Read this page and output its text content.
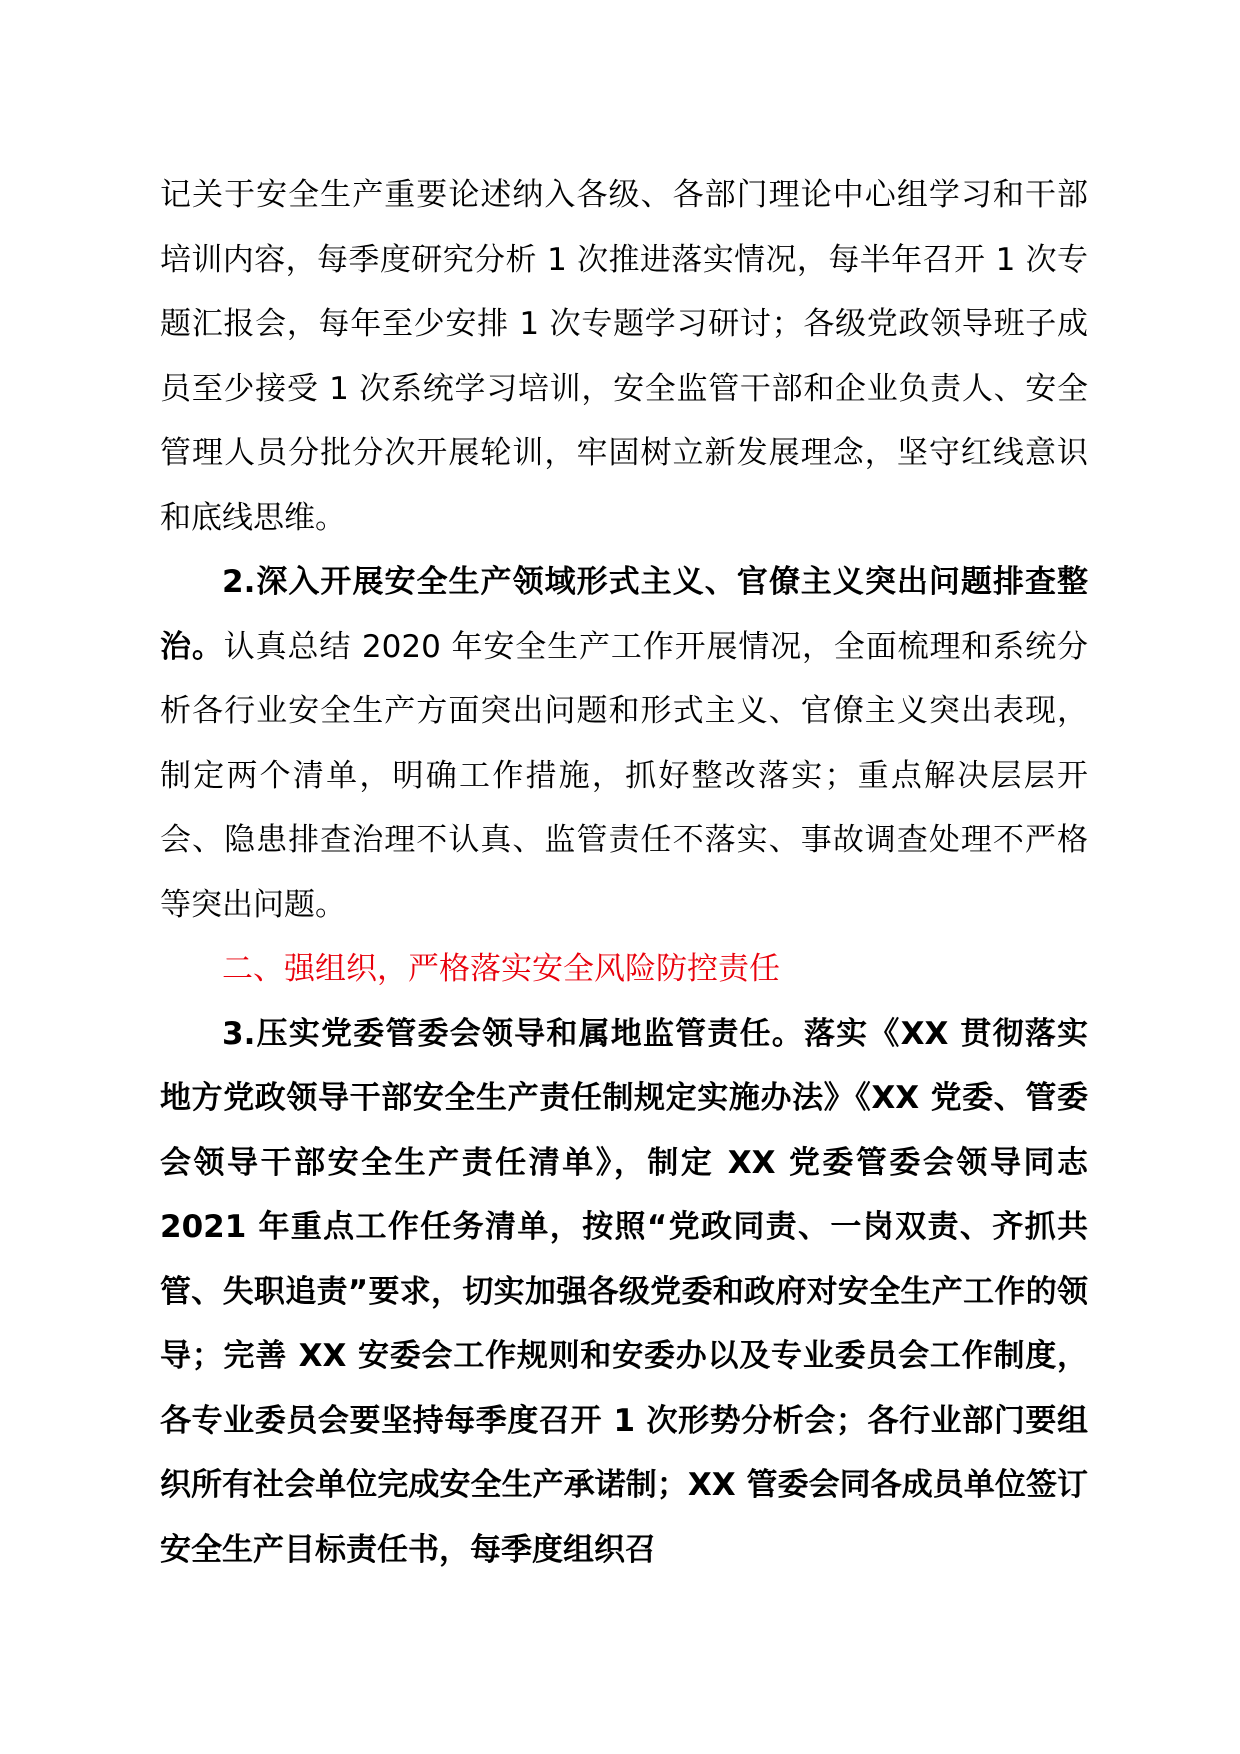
记关于安全生产重要论述纳入各级、各部门理论中心组学习和干部培训内容，每季度研究分析 1 次推进落实情况，每半年召开 1 次专题汇报会，每年至少安排 1 次专题学习研讨；各级党政领导班子成员至少接受 1 次系统学习培训，安全监管干部和企业负责人、安全管理人员分批分次开展轮训，牢固树立新发展理念，坚守红线意识和底线思维。

2.深入开展安全生产领域形式主义、官僚主义突出问题排查整治。认真总结 2020 年安全生产工作开展情况，全面梳理和系统分析各行业安全生产方面突出问题和形式主义、官僚主义突出表现，制定两个清单，明确工作措施，抓好整改落实；重点解决层层开会、隐患排查治理不认真、监管责任不落实、事故调查处理不严格等突出问题。

二、强组织，严格落实安全风险防控责任

3.压实党委管委会领导和属地监管责任。落实《XX 贯彻落实地方党政领导干部安全生产责任制规定实施办法》《XX 党委、管委会领导干部安全生产责任清单》，制定 XX 党委管委会领导同志 2021 年重点工作任务清单，按照“党政同责、一岗双责、齐抓共管、失职追责”要求，切实加强各级党委和政府对安全生产工作的领导；完善 XX 安委会工作规则和安委办以及专业委员会工作制度，各专业委员会要坚持每季度召开 1 次形势分析会；各行业部门要组织所有社会单位完成安全生产承诺制；XX 管委会同各成员单位签订安全生产目标责任书，每季度组织召
